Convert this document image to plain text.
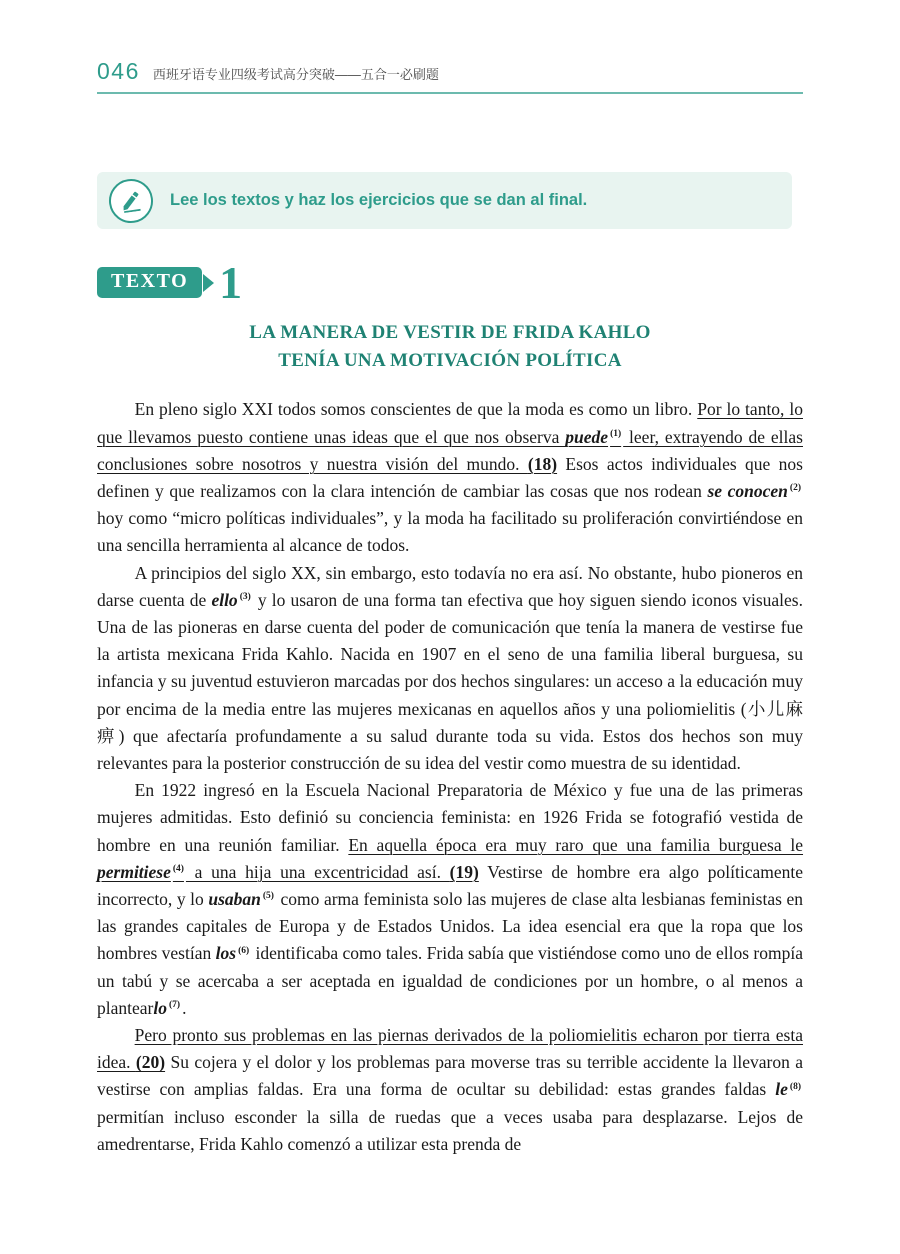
046 西班牙语专业四级考试高分突破——五合一必刷题
Lee los textos y haz los ejercicios que se dan al final.
TEXTO 1
LA MANERA DE VESTIR DE FRIDA KAHLO
TENÍA UNA MOTIVACIÓN POLÍTICA

En pleno siglo XXI todos somos conscientes de que la moda es como un libro. Por lo tanto, lo que llevamos puesto contiene unas ideas que el que nos observa puede $^{(1)}$ leer, extrayendo de ellas conclusiones sobre nosotros y nuestra visión del mundo. (18) Esos actos individuales que nos definen y que realizamos con la clara intención de cambiar las cosas que nos rodean se conocen $^{(2)}$ hoy como “micro políticas individuales”, y la moda ha facilitado su proliferación convirtiéndose en una sencilla herramienta al alcance de todos.

A principios del siglo XX, sin embargo, esto todavía no era así. No obstante, hubo pioneros en darse cuenta de ello $^{(3)}$ y lo usaron de una forma tan efectiva que hoy siguen siendo iconos visuales. Una de las pioneras en darse cuenta del poder de comunicación que tenía la manera de vestirse fue la artista mexicana Frida Kahlo. Nacida en 1907 en el seno de una familia liberal burguesa, su infancia y su juventud estuvieron marcadas por dos hechos singulares: un acceso a la educación muy por encima de la media entre las mujeres mexicanas en aquellos años y una poliomielitis (小儿麻痹) que afectaría profundamente a su salud durante toda su vida. Estos dos hechos son muy relevantes para la posterior construcción de su idea del vestir como muestra de su identidad.

En 1922 ingresó en la Escuela Nacional Preparatoria de México y fue una de las primeras mujeres admitidas. Esto definió su conciencia feminista: en 1926 Frida se fotografió vestida de hombre en una reunión familiar. En aquella época era muy raro que una familia burguesa le permitiese $^{(4)}$ a una hija una excentricidad así. (19) Vestirse de hombre era algo políticamente incorrecto, y lo usaban $^{(5)}$ como arma feminista solo las mujeres de clase alta lesbianas feministas en las grandes capitales de Europa y de Estados Unidos. La idea esencial era que la ropa que los hombres vestían los $^{(6)}$ identificaba como tales. Frida sabía que vistiéndose como uno de ellos rompía un tabú y se acercaba a ser aceptada en igualdad de condiciones por un hombre, o al menos a plantearlo $^{(7)}$ .

Pero pronto sus problemas en las piernas derivados de la poliomielitis echaron por tierra esta idea. (20) Su cojera y el dolor y los problemas para moverse tras su terrible accidente la llevaron a vestirse con amplias faldas. Era una forma de ocultar su debilidad: estas grandes faldas le $^{(8)}$ permitían incluso esconder la silla de ruedas que a veces usaba para desplazarse. Lejos de amedrentarse, Frida Kahlo comenzó a utilizar esta prenda de
